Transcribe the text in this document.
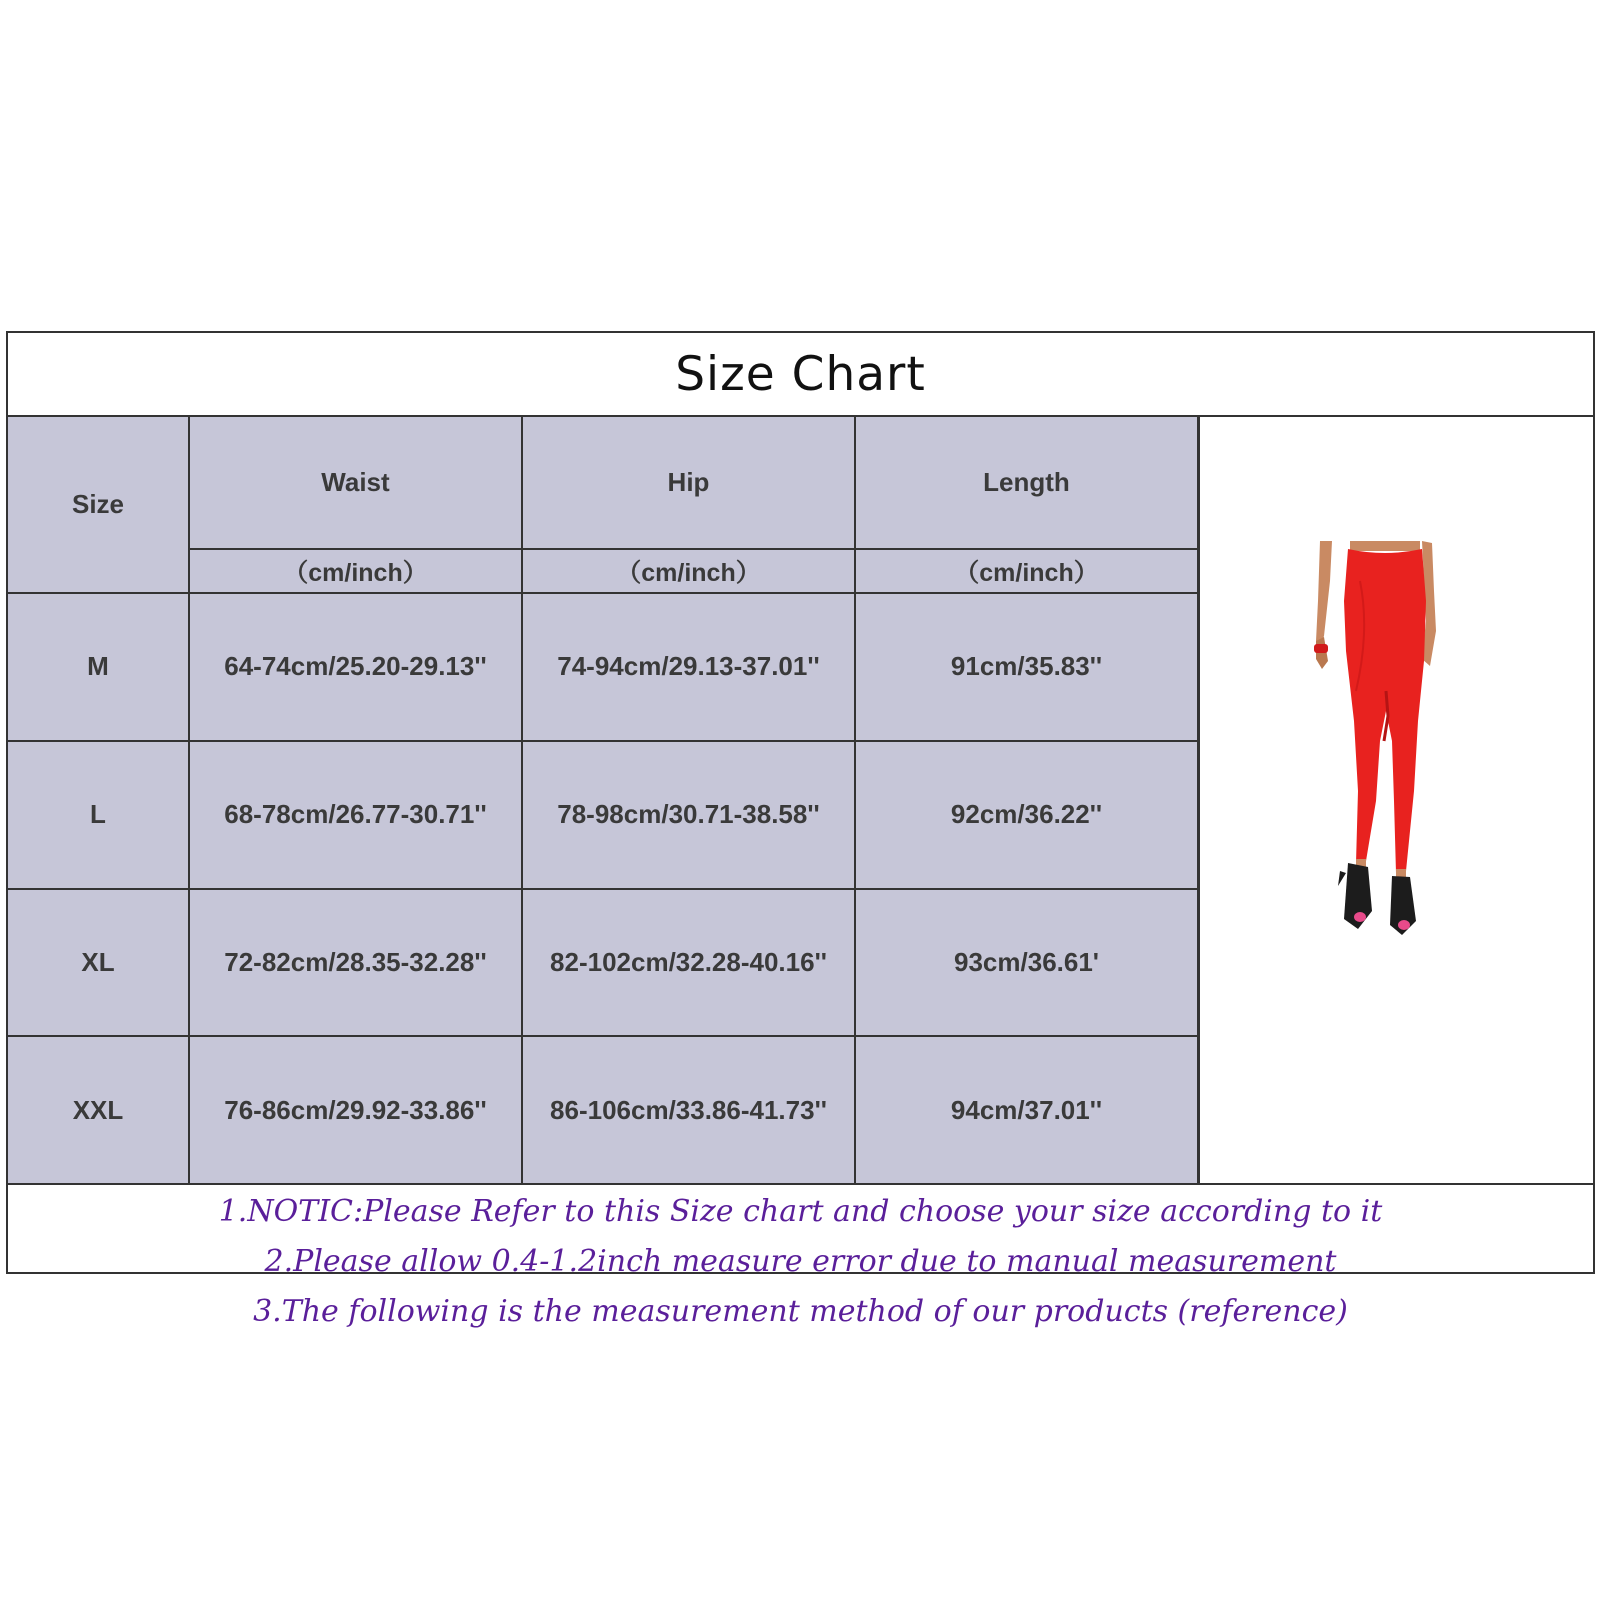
Size Chart
Size	Waist	Hip	Length
	（cm/inch）	（cm/inch）	（cm/inch）
M	64-74cm/25.20-29.13''	74-94cm/29.13-37.01''	91cm/35.83''
L	68-78cm/26.77-30.71''	78-98cm/30.71-38.58''	92cm/36.22''
XL	72-82cm/28.35-32.28''	82-102cm/32.28-40.16''	93cm/36.61'
XXL	76-86cm/29.92-33.86''	86-106cm/33.86-41.73''	94cm/37.01''
1.NOTIC:Please Refer to this Size chart and choose your size according to it
2.Please allow 0.4-1.2inch measure error due to manual measurement
3.The following is the measurement method of our products (reference)
